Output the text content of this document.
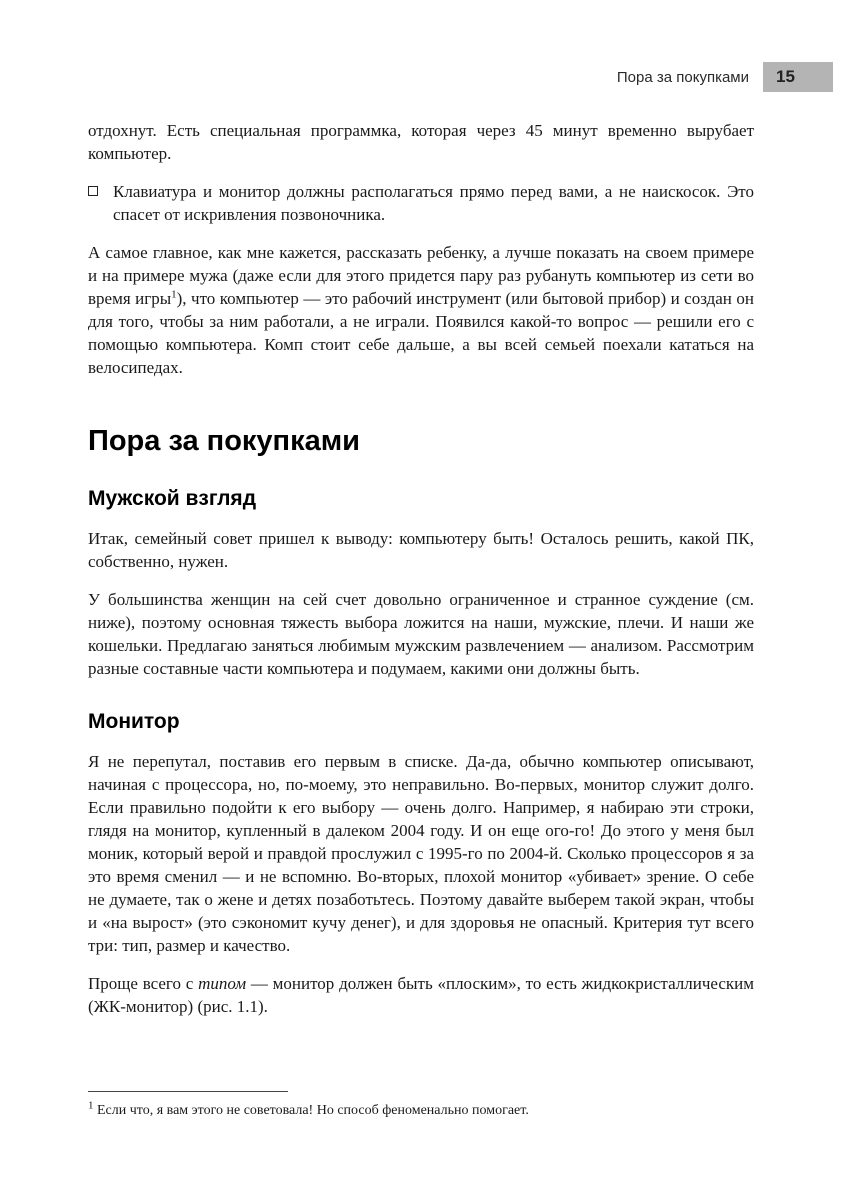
Пора за покупками 15

отдохнут. Есть специальная программка, которая через 45 минут временно вырубает компьютер.

Клавиатура и монитор должны располагаться прямо перед вами, а не наискосок. Это спасет от искривления позвоночника.

А самое главное, как мне кажется, рассказать ребенку, а лучше показать на своем примере и на примере мужа (даже если для этого придется пару раз рубануть компьютер из сети во время игры$^1$), что компьютер — это рабочий инструмент (или бытовой прибор) и создан он для того, чтобы за ним работали, а не играли. Появился какой-то вопрос — решили его с помощью компьютера. Комп стоит себе дальше, а вы всей семьей поехали кататься на велосипедах.

Пора за покупками
Мужской взгляд

Итак, семейный совет пришел к выводу: компьютеру быть! Осталось решить, какой ПК, собственно, нужен.

У большинства женщин на сей счет довольно ограниченное и странное суждение (см. ниже), поэтому основная тяжесть выбора ложится на наши, мужские, плечи. И наши же кошельки. Предлагаю заняться любимым мужским развлечением — анализом. Рассмотрим разные составные части компьютера и подумаем, какими они должны быть.

Монитор

Я не перепутал, поставив его первым в списке. Да-да, обычно компьютер описывают, начиная с процессора, но, по-моему, это неправильно. Во-первых, монитор служит долго. Если правильно подойти к его выбору — очень долго. Например, я набираю эти строки, глядя на монитор, купленный в далеком 2004 году. И он еще ого-го! До этого у меня был моник, который верой и правдой прослужил с 1995-го по 2004-й. Сколько процессоров я за это время сменил — и не вспомню. Во-вторых, плохой монитор «убивает» зрение. О себе не думаете, так о жене и детях позаботьтесь. Поэтому давайте выберем такой экран, чтобы и «на вырост» (это сэкономит кучу денег), и для здоровья не опасный. Критерия тут всего три: тип, размер и качество.

Проще всего с типом — монитор должен быть «плоским», то есть жидкокристаллическим (ЖК-монитор) (рис. 1.1).

$^1$ Если что, я вам этого не советовала! Но способ феноменально помогает.
